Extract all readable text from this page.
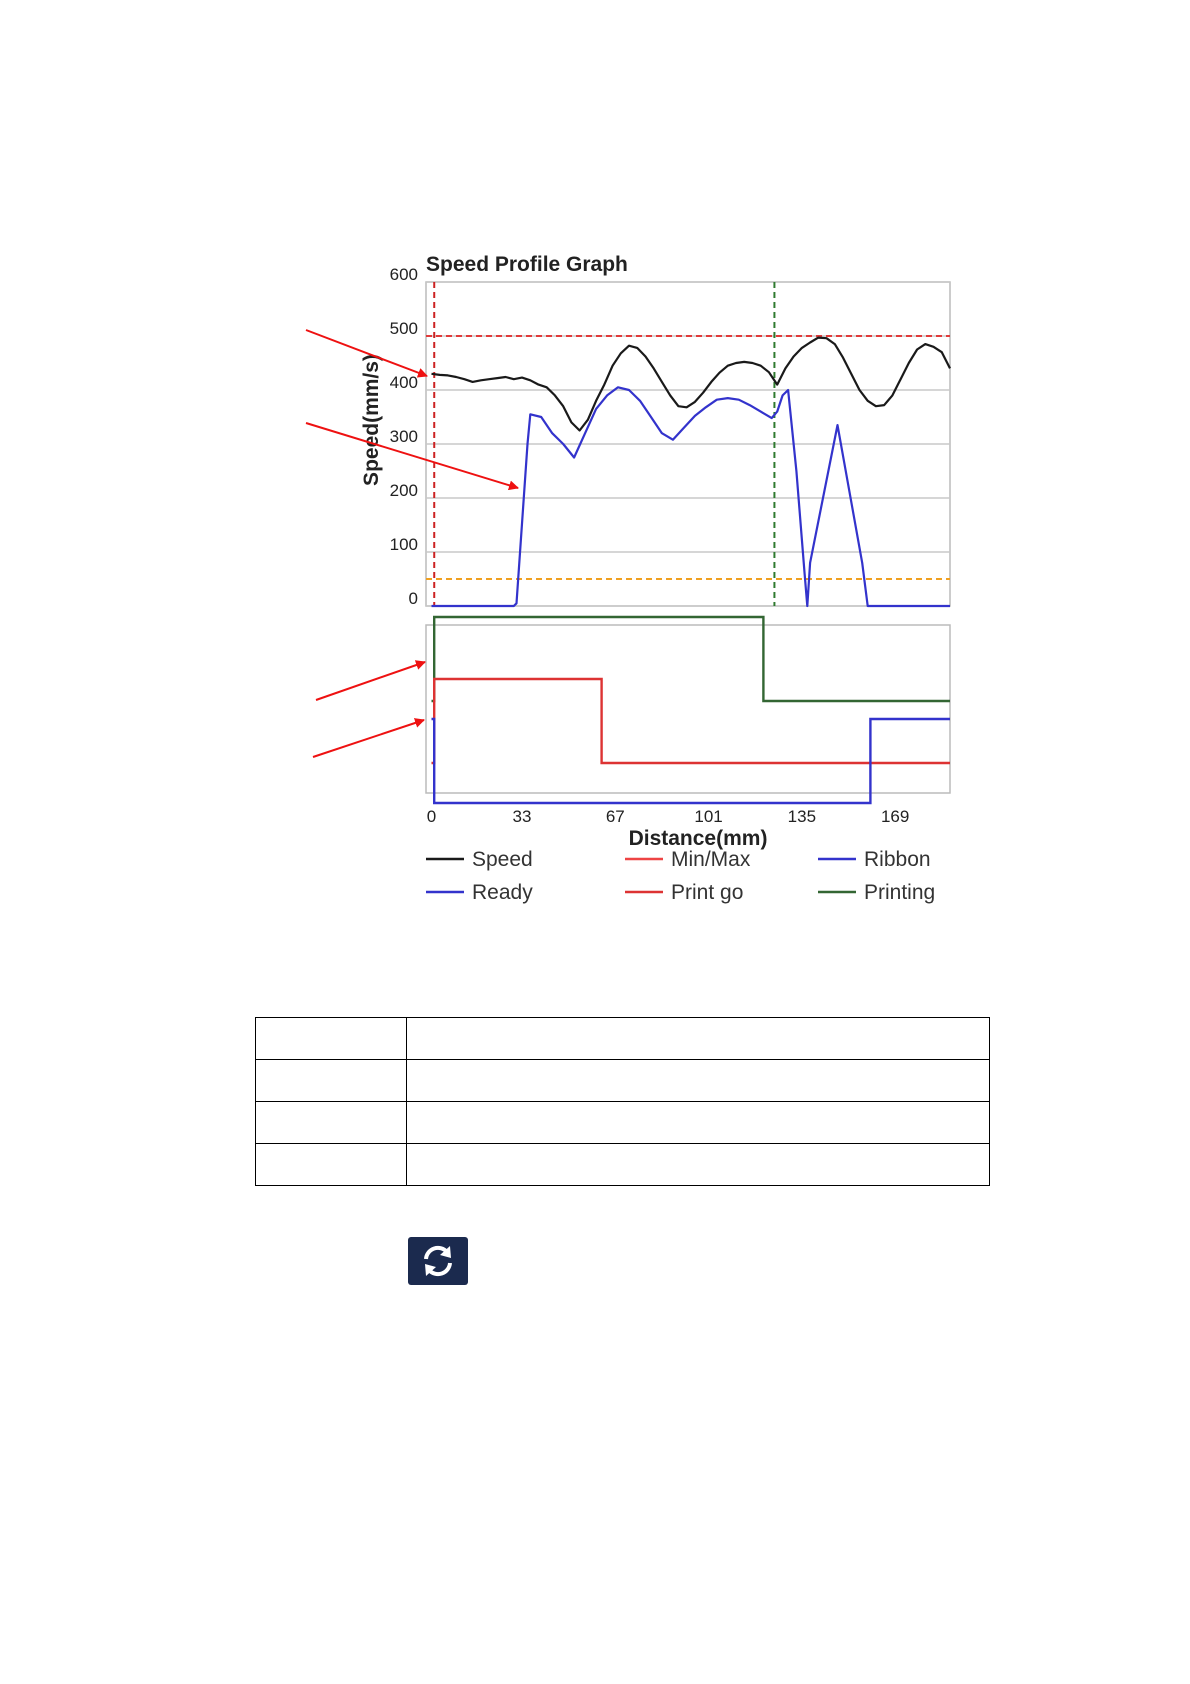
Speed Profile Graph
0
100
200
300
400
500
600
Speed(mm/s)
0	33	67	101	135	169
Distance(mm)
Speed	Min/Max	Ribbon
Ready	Print go	Printing
